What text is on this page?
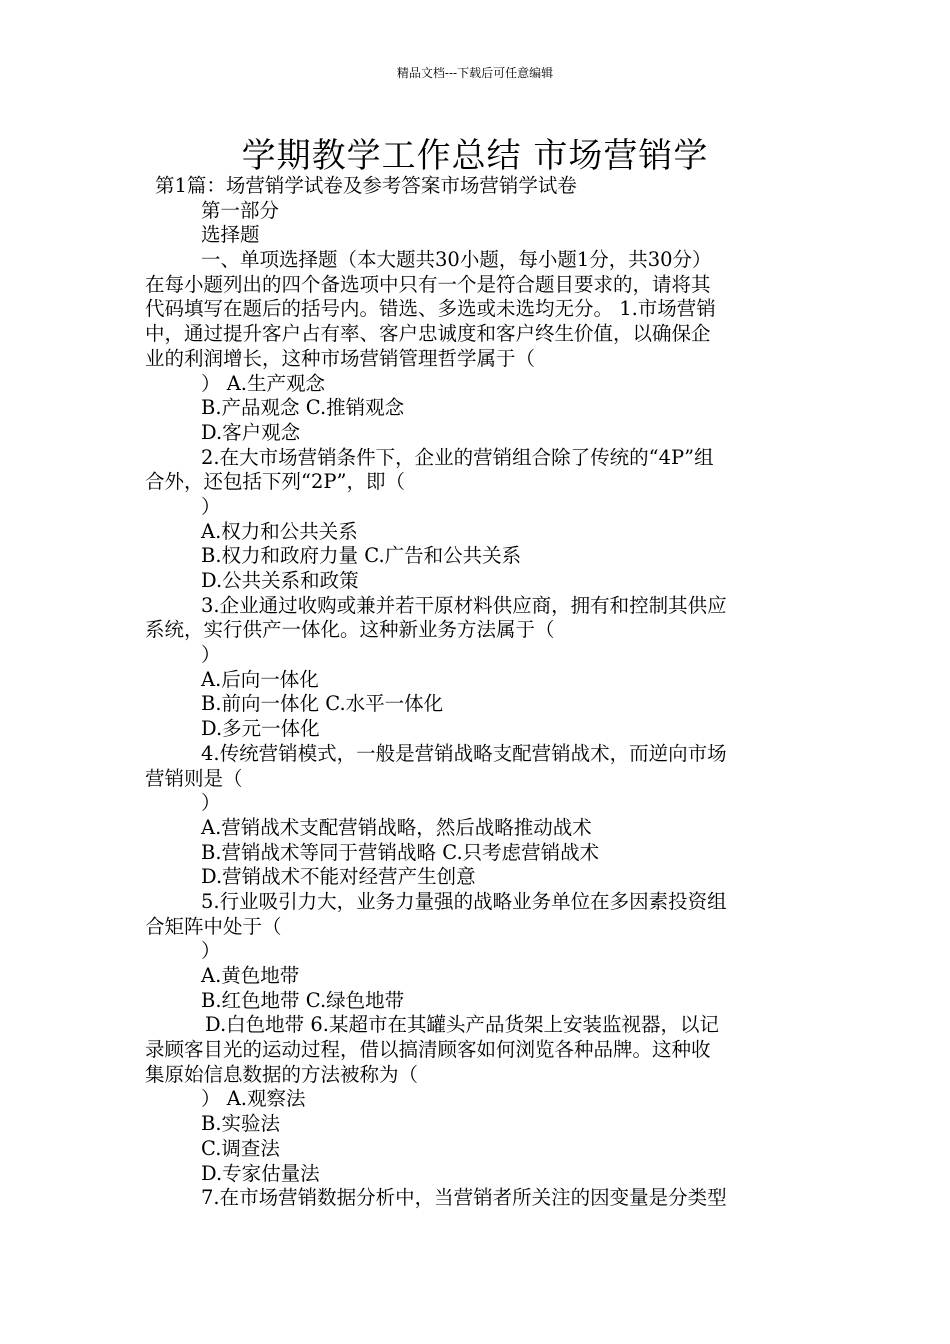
精品文档---下载后可任意编辑
学期教学工作总结 市场营销学
第1篇：场营销学试卷及参考答案市场营销学试卷
第一部分
选择题
一、单项选择题（本大题共30小题，每小题1分，共30分）
在每小题列出的四个备选项中只有一个是符合题目要求的，请将其
代码填写在题后的括号内。错选、多选或未选均无分。 1.市场营销
中，通过提升客户占有率、客户忠诚度和客户终生价值，以确保企
业的利润增长，这种市场营销管理哲学属于（
） A.生产观念
B.产品观念 C.推销观念
D.客户观念
2.在大市场营销条件下，企业的营销组合除了传统的“4P”组
合外，还包括下列“2P”，即（
）
A.权力和公共关系
B.权力和政府力量 C.广告和公共关系
D.公共关系和政策
3.企业通过收购或兼并若干原材料供应商，拥有和控制其供应
系统，实行供产一体化。这种新业务方法属于（
）
A.后向一体化
B.前向一体化 C.水平一体化
D.多元一体化
4.传统营销模式，一般是营销战略支配营销战术，而逆向市场
营销则是（
）
A.营销战术支配营销战略，然后战略推动战术
B.营销战术等同于营销战略 C.只考虑营销战术
D.营销战术不能对经营产生创意
5.行业吸引力大，业务力量强的战略业务单位在多因素投资组
合矩阵中处于（
）
A.黄色地带
B.红色地带 C.绿色地带
D.白色地带 6.某超市在其罐头产品货架上安装监视器，以记
录顾客目光的运动过程，借以搞清顾客如何浏览各种品牌。这种收
集原始信息数据的方法被称为（
） A.观察法
B.实验法
C.调查法
D.专家估量法
7.在市场营销数据分析中，当营销者所关注的因变量是分类型
